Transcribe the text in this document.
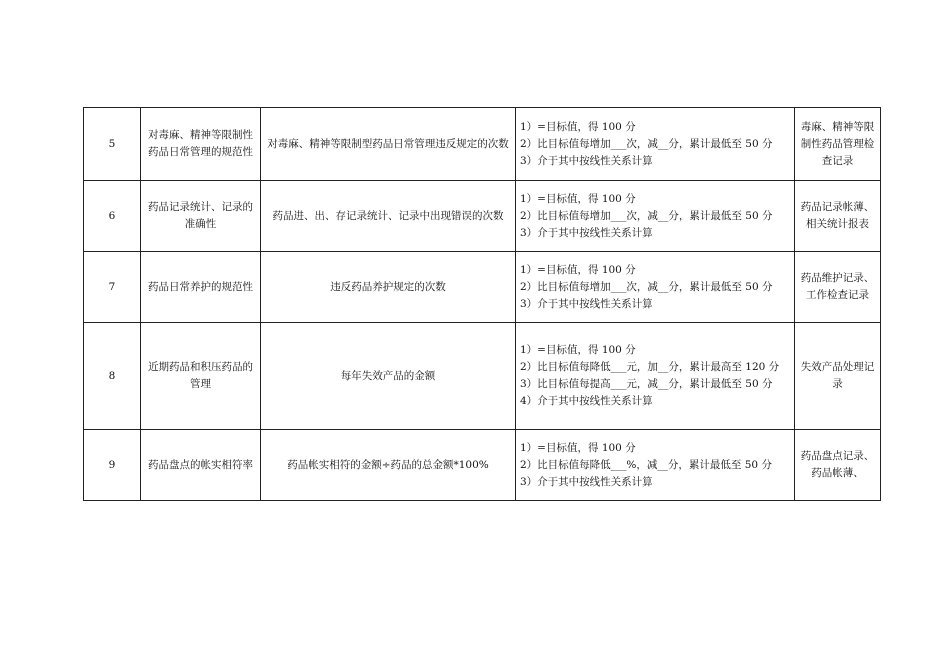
5	对毒麻、精神等限制性药品日常管理的规范性	对毒麻、精神等限制型药品日常管理违反规定的次数	1）=目标值，得 100 分
2）比目标值每增加___次，减__分，累计最低至 50 分
3）介于其中按线性关系计算	毒麻、精神等限制性药品管理检查记录
6	药品记录统计、记录的准确性	药品进、出、存记录统计、记录中出现错误的次数	1）=目标值，得 100 分
2）比目标值每增加___次，减__分，累计最低至 50 分
3）介于其中按线性关系计算	药品记录帐薄、相关统计报表
7	药品日常养护的规范性	违反药品养护规定的次数	1）=目标值，得 100 分
2）比目标值每增加___次，减__分，累计最低至 50 分
3）介于其中按线性关系计算	药品维护记录、工作检查记录
8	近期药品和积压药品的管理	每年失效产品的金额	1）=目标值，得 100 分
2）比目标值每降低___元，加__分，累计最高至 120 分
3）比目标值每提高___元，减__分，累计最低至 50 分
4）介于其中按线性关系计算	失效产品处理记录
9	药品盘点的帐实相符率	药品帐实相符的金额÷药品的总金额*100%	1）=目标值，得 100 分
2）比目标值每降低___%，减__分，累计最低至 50 分
3）介于其中按线性关系计算	药品盘点记录、药品帐薄、
